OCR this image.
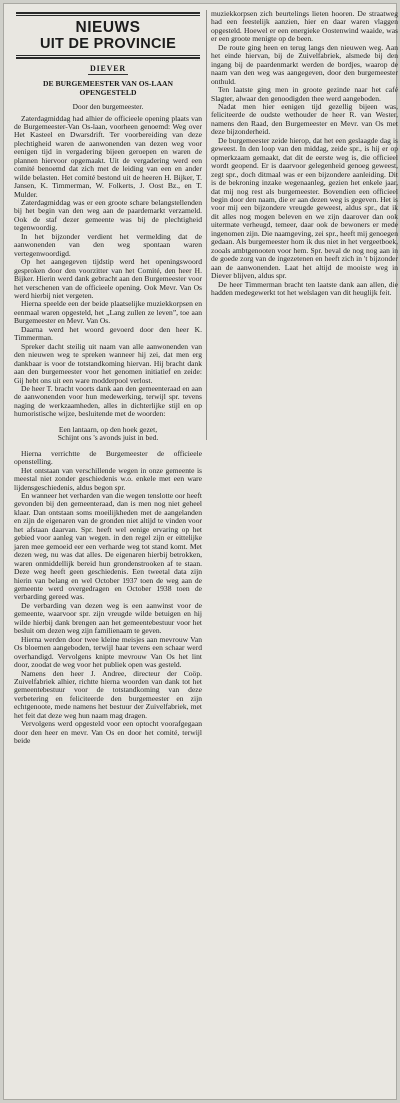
NIEUWS
UIT DE PROVINCIE
DIEVER
DE BURGEMEESTER VAN OS-LAAN OPENGESTELD
Door den burgemeester.

Zaterdagmiddag had alhier de officieele opening plaats van de Burgemeester-Van Os-laan, voorheen genoemd: Weg over Het Kasteel en Dwarsdrift. Ter voorbereiding van deze plechtigheid waren de aanwonenden van dezen weg voor eenigen tijd in vergadering bijeen geroepen en waren de plannen hiervoor opgemaakt. Uit de vergadering werd een comité benoemd dat zich met de leiding van een en ander wilde belasten. Het comité bestond uit de heeren H. Bijker, T. Jansen, K. Timmerman, W. Folkerts, J. Oost Bz., en T. Mulder.

Zaterdagmiddag was er een groote schare belangstellenden bij het begin van den weg aan de paardemarkt verzameld. Ook de staf dezer gemeente was bij de plechtigheid tegenwoordig.

In het bijzonder verdient het vermelding dat de aanwonenden van den weg spontaan waren vertegenwoordigd.

Op het aangegeven tijdstip werd het openingswoord gesproken door den voorzitter van het Comité, den heer H. Bijker. Hierin werd dank gebracht aan den Burgemeester voor het verschenen van de officieele opening. Ook Mevr. Van Os werd hierbij niet vergeten.

Hierna speelde een der beide plaatselijke muziekkorpsen en eenmaal waren opgesteld, het „Lang zullen ze leven”, toe aan Burgemeester en Mevr. Van Os.

Daarna werd het woord gevoerd door den heer K. Timmerman.

Spreker dacht steilig uit naam van alle aanwonenden van den nieuwen weg te spreken wanneer hij zei, dat men erg dankbaar is voor de totstandkoming hiervan. Hij bracht dank aan den burgemeester voor het genomen initiatief en zeide: Gij hebt ons uit een ware modderpool verlost.

De heer T. bracht voorts dank aan den gemeenteraad en aan de aanwonenden voor hun medewerking, terwijl spr. tevens naging de werkzaamheden, alles in dichterlijke stijl en op humoristische wijze, besluitende met de woorden:

Een lantaarn, op den hoek gezet,
Schijnt ons 's avonds juist in bed.

Hierna verrichtte de Burgemeester de officieele openstelling.

Het ontstaan van verschillende wegen in onze gemeente is meestal niet zonder geschiedenis w.o. enkele met een ware lijdensgeschiedenis, aldus begon spr.

En wanneer het verharden van die wegen tenslotte oor heeft gevonden bij den gemeenteraad, dan is men nog niet geheel klaar. Dan ontstaan soms moeilijkheden met de aangelanden en zijn de eigenaren van de gronden niet altijd te vinden voor het afstaan daarvan. Spr. heeft wel eenige ervaring op het gebied voor aanleg van wegen. in den regel zijn er eittelijke jaren mee gemoeid eer een verharde weg tot stand komt. Met dezen weg, nu was dat alles. De eigenaren hierbij betrokken, waren onmiddellijk bereid hun grondenstrooken af te staan. Deze weg heeft geen geschiedenis. Een tweetal data zijn hierin van belang en wel October 1937 toen de weg aan de gemeente werd overgedragen en October 1938 toen de verbarding gereed was.

De verbarding van dezen weg is een aanwinst voor de gemeente, waarvoor spr. zijn vreugde wilde betuigen en hij wilde hierbij dank brengen aan het gemeentebestuur voor het besluit om dezen weg zijn familienaam te geven.

Hierna werden door twee kleine meisjes aan mevrouw Van Os bloemen aangeboden, terwijl haar tevens een schaar werd overhandigd. Vervolgens knipte mevrouw Van Os het lint door, zoodat de weg voor het publiek open was gesteld.

Namens den heer J. Andree, directeur der Coöp. Zuivelfabriek alhier, richtte hierna woorden van dank tot het gemeentebestuur voor de totstandkoming van deze verbetering en feliciteerde den burgemeester en zijn echtgenoote, mede namens het bestuur der Zuivelfabriek, met het feit dat deze weg hun naam mag dragen.

Vervolgens werd opgesteld voor een optocht voorafgegaan door den heer en mevr. Van Os en door het comité, terwijl beide

muziekkorpsen zich beurtelings lieten hooren. De straatweg had een feestelijk aanzien, hier en daar waren vlaggen opgesteld. Hoewel er een energieke Oostenwind waaide, was er een groote menigte op de been.

De route ging heen en terug langs den nieuwen weg. Aan het einde hiervan, bij de Zuivelfabriek, alsmede bij den ingang bij de paardenmarkt werden de bordjes, waarop de naam van den weg was aangegeven, door den burgemeester onthuld.

Ten laatste ging men in groote gezinde naar het café Slagter, alwaar den genoodigden thee werd aangeboden.

Nadat men hier eenigen tijd gezellig bijeen was, feliciteerde de oudste wethouder de heer R. van Wester, namens den Raad, den Burgemeester en Mevr. van Os met deze bijzonderheid.

De burgemeester zeide hierop, dat het een geslaagde dag is geweest. In den loop van den middag, zeide spr., is hij er op opmerkzaam gemaakt, dat dit de eerste weg is, die officieel wordt geopend. Er is daarvoor gelegenheid genoeg geweest, zegt spr., doch ditmaal was er een bijzondere aanleiding. Dit is de bekroning inzake wegenaanleg, gezien het enkele jaar, dat mij nog rest als burgemeester. Bovendien een officieel begin door den naam, die er aan dezen weg is gegeven. Het is voor mij een bijzondere vreugde geweest, aldus spr., dat ik dit alles nog mogen beleven en we zijn daarover dan ook uitermate verheugd, temeer, daar ook de bewoners er mede ingenomen zijn. Die naamgeving, zei spr., heeft mij genoegen gedaan. Als burgemeester hom ik dus niet in het vergeetboek, zooals ambtgenooten voor hem. Spr. beval de nog nog aan in de goede zorg van de ingezetenen en heeft zich in 't bijzonder aan de aanwonenden. Laat het altijd de mooiste weg in Diever blijven, aldus spr.

De heer Timmerman bracht ten laatste dank aan allen, die hadden medegewerkt tot het welslagen van dit heuglijk feit.
